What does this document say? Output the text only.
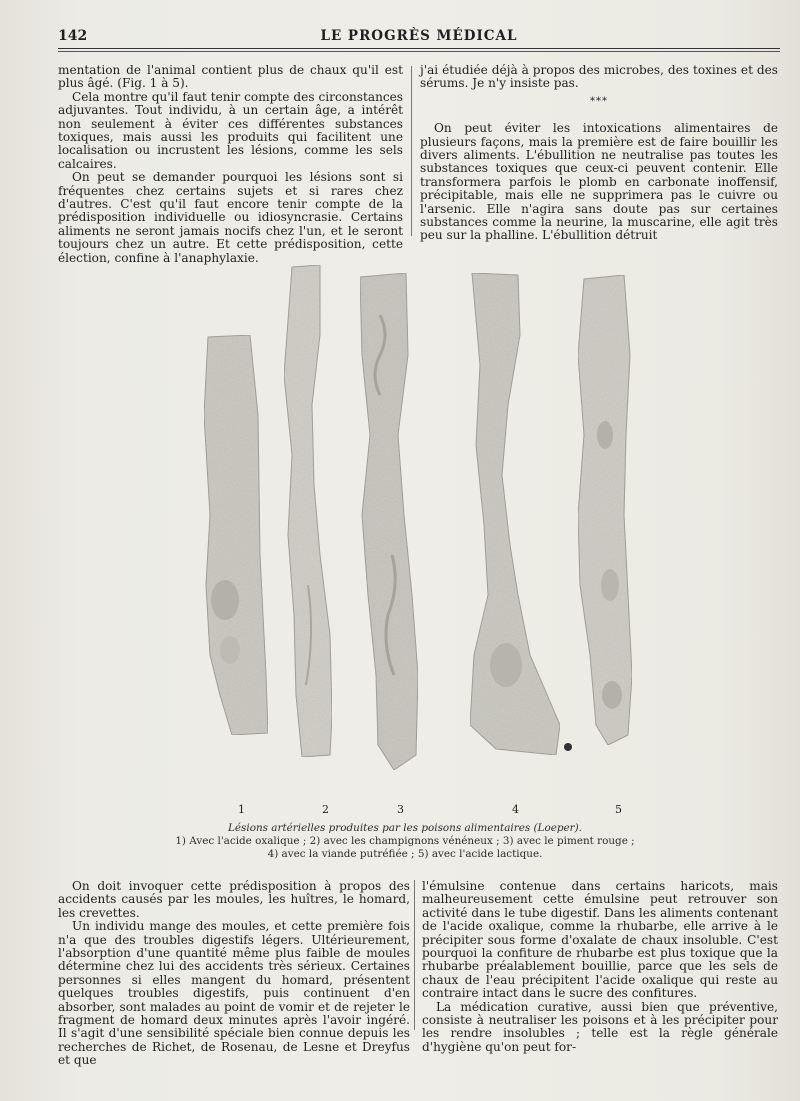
142	LE PROGRÈS MÉDICAL

mentation de l'animal contient plus de chaux qu'il est plus âgé. (Fig. 1 à 5).

Cela montre qu'il faut tenir compte des circonstances adjuvantes. Tout individu, à un certain âge, a intérêt non seulement à éviter ces différentes substances toxiques, mais aussi les produits qui facilitent une localisation ou incrustent les lésions, comme les sels calcaires.

On peut se demander pourquoi les lésions sont si fréquentes chez certains sujets et si rares chez d'autres. C'est qu'il faut encore tenir compte de la prédisposition individuelle ou idiosyncrasie. Certains aliments ne seront jamais nocifs chez l'un, et le seront toujours chez un autre. Et cette prédisposition, cette élection, confine à l'anaphylaxie.

j'ai étudiée déjà à propos des microbes, des toxines et des sérums. Je n'y insiste pas.

***

On peut éviter les intoxications alimentaires de plusieurs façons, mais la première est de faire bouillir les divers aliments. L'ébullition ne neutralise pas toutes les substances toxiques que ceux-ci peuvent contenir. Elle transformera parfois le plomb en carbonate inoffensif, précipitable, mais elle ne supprimera pas le cuivre ou l'arsenic. Elle n'agira sans doute pas sur certaines substances comme la neurine, la muscarine, elle agit très peu sur la phalline. L'ébullition détruit

1	2	3	4	5
Lésions artérielles produites par les poisons alimentaires (Loeper).
1) Avec l'acide oxalique ; 2) avec les champignons vénéneux ; 3) avec le piment rouge ;
4) avec la viande putréfiée ; 5) avec l'acide lactique.

On doit invoquer cette prédisposition à propos des accidents causés par les moules, les huîtres, le homard, les crevettes.

Un individu mange des moules, et cette première fois n'a que des troubles digestifs légers. Ultérieurement, l'absorption d'une quantité même plus faible de moules détermine chez lui des accidents très sérieux. Certaines personnes si elles mangent du homard, présentent quelques troubles digestifs, puis continuent d'en absorber, sont malades au point de vomir et de rejeter le fragment de homard deux minutes après l'avoir ingéré. Il s'agit d'une sensibilité spéciale bien connue depuis les recherches de Richet, de Rosenau, de Lesne et Dreyfus et que

l'émulsine contenue dans certains haricots, mais malheureusement cette émulsine peut retrouver son activité dans le tube digestif. Dans les aliments contenant de l'acide oxalique, comme la rhubarbe, elle arrive à le précipiter sous forme d'oxalate de chaux insoluble. C'est pourquoi la confiture de rhubarbe est plus toxique que la rhubarbe préalablement bouillie, parce que les sels de chaux de l'eau précipitent l'acide oxalique qui reste au contraire intact dans le sucre des confitures.

La médication curative, aussi bien que préventive, consiste à neutraliser les poisons et à les précipiter pour les rendre insolubles ; telle est la règle générale d'hygiène qu'on peut for-
